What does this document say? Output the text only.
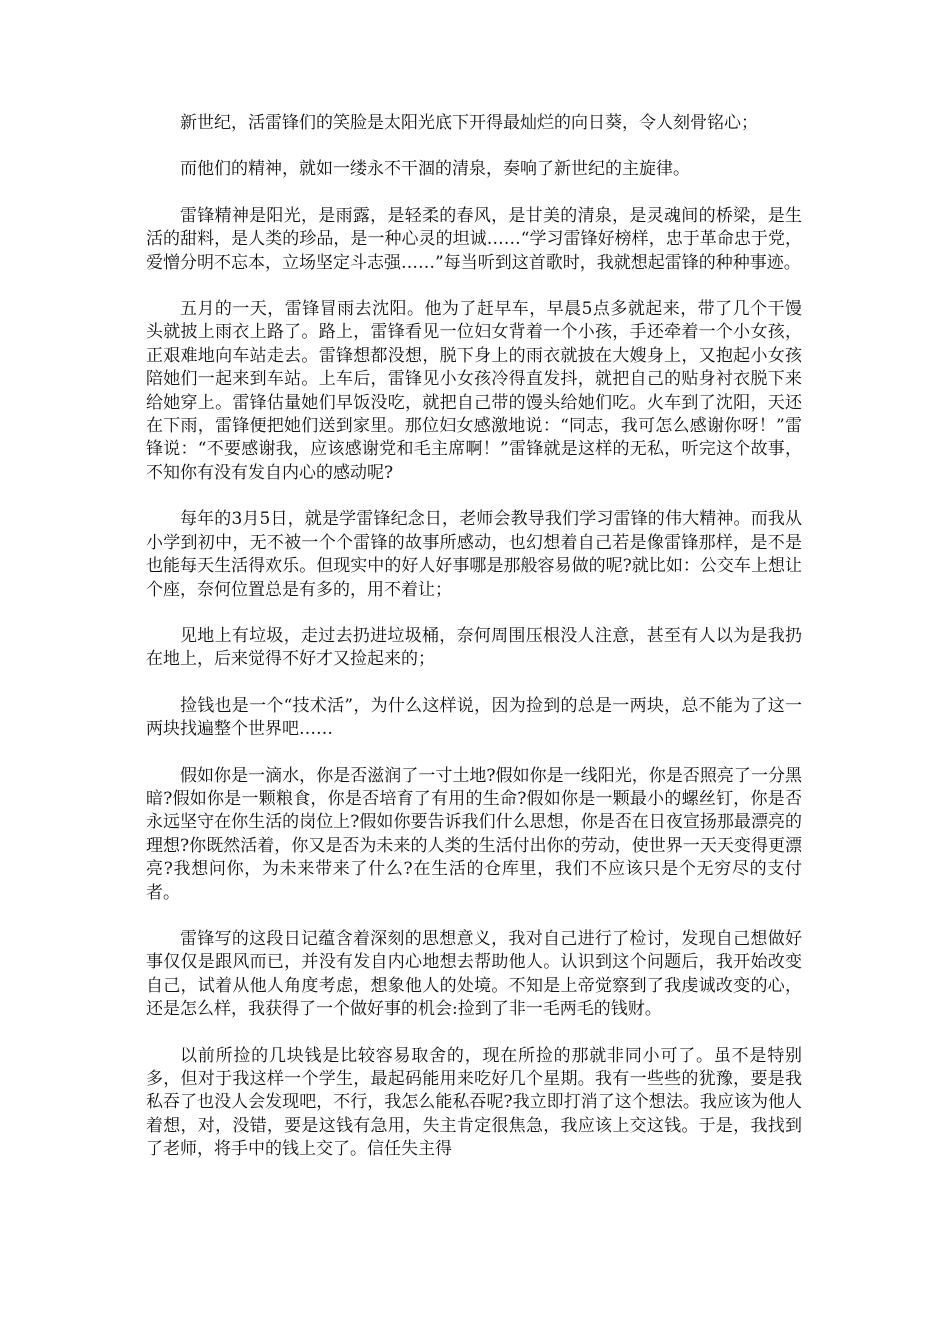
新世纪，活雷锋们的笑脸是太阳光底下开得最灿烂的向日葵，令人刻骨铭心；

而他们的精神，就如一缕永不干涸的清泉，奏响了新世纪的主旋律。

雷锋精神是阳光，是雨露，是轻柔的春风，是甘美的清泉，是灵魂间的桥梁，是生活的甜料，是人类的珍品，是一种心灵的坦诚……“学习雷锋好榜样，忠于革命忠于党，爱憎分明不忘本，立场坚定斗志强……”每当听到这首歌时，我就想起雷锋的种种事迹。

五月的一天，雷锋冒雨去沈阳。他为了赶早车，早晨5点多就起来，带了几个干馒头就披上雨衣上路了。路上，雷锋看见一位妇女背着一个小孩，手还牵着一个小女孩，正艰难地向车站走去。雷锋想都没想，脱下身上的雨衣就披在大嫂身上，又抱起小女孩陪她们一起来到车站。上车后，雷锋见小女孩冷得直发抖，就把自己的贴身衬衣脱下来给她穿上。雷锋估量她们早饭没吃，就把自己带的馒头给她们吃。火车到了沈阳，天还在下雨，雷锋便把她们送到家里。那位妇女感激地说：“同志，我可怎么感谢你呀！”雷锋说：“不要感谢我，应该感谢党和毛主席啊！”雷锋就是这样的无私，听完这个故事，不知你有没有发自内心的感动呢?

每年的3月5日，就是学雷锋纪念日，老师会教导我们学习雷锋的伟大精神。而我从小学到初中，无不被一个个雷锋的故事所感动，也幻想着自己若是像雷锋那样，是不是也能每天生活得欢乐。但现实中的好人好事哪是那般容易做的呢?就比如：公交车上想让个座，奈何位置总是有多的，用不着让；

见地上有垃圾，走过去扔进垃圾桶，奈何周围压根没人注意，甚至有人以为是我扔在地上，后来觉得不好才又捡起来的；

捡钱也是一个“技术活”，为什么这样说，因为捡到的总是一两块，总不能为了这一两块找遍整个世界吧……

假如你是一滴水，你是否滋润了一寸土地?假如你是一线阳光，你是否照亮了一分黑暗?假如你是一颗粮食，你是否培育了有用的生命?假如你是一颗最小的螺丝钉，你是否永远坚守在你生活的岗位上?假如你要告诉我们什么思想，你是否在日夜宣扬那最漂亮的理想?你既然活着，你又是否为未来的人类的生活付出你的劳动，使世界一天天变得更漂亮?我想问你，为未来带来了什么?在生活的仓库里，我们不应该只是个无穷尽的支付者。

雷锋写的这段日记蕴含着深刻的思想意义，我对自己进行了检讨，发现自己想做好事仅仅是跟风而已，并没有发自内心地想去帮助他人。认识到这个问题后，我开始改变自己，试着从他人角度考虑，想象他人的处境。不知是上帝觉察到了我虔诚改变的心，还是怎么样，我获得了一个做好事的机会:捡到了非一毛两毛的钱财。

以前所捡的几块钱是比较容易取舍的，现在所捡的那就非同小可了。虽不是特别多，但对于我这样一个学生，最起码能用来吃好几个星期。我有一些些的犹豫，要是我私吞了也没人会发现吧，不行，我怎么能私吞呢?我立即打消了这个想法。我应该为他人着想，对，没错，要是这钱有急用，失主肯定很焦急，我应该上交这钱。于是，我找到了老师，将手中的钱上交了。信任失主得
